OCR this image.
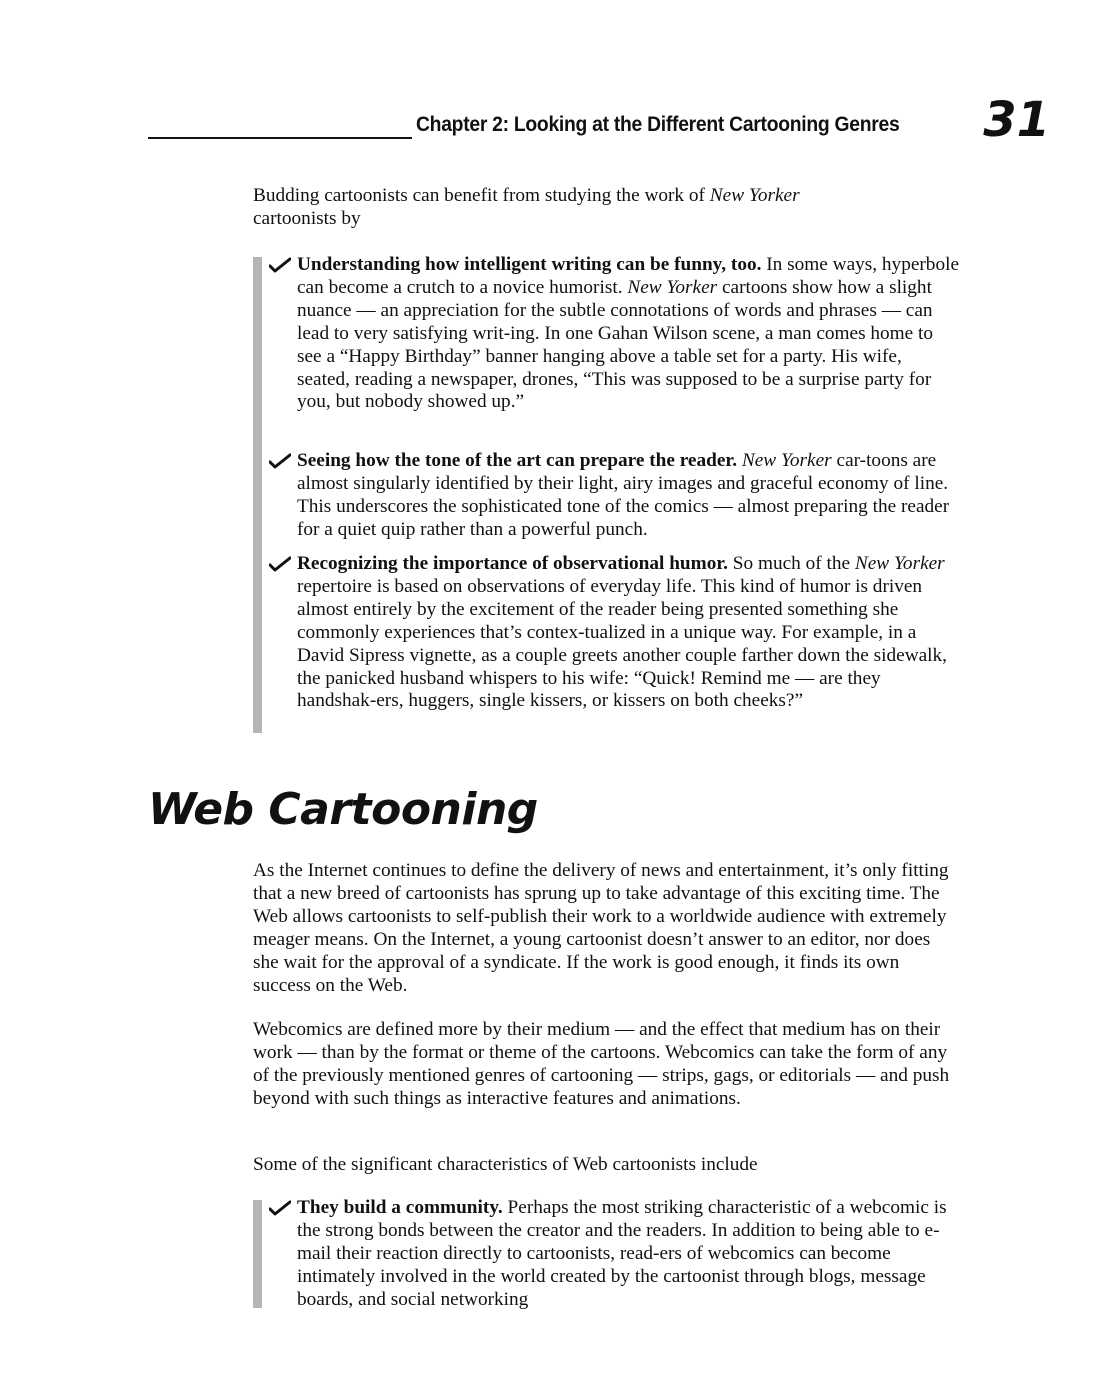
Chapter 2: Looking at the Different Cartooning Genres 31

Budding cartoonists can benefit from studying the work of New Yorker
cartoonists by

Understanding how intelligent writing can be funny, too. In some ways, hyperbole can become a crutch to a novice humorist. New Yorker cartoons show how a slight nuance — an appreciation for the subtle connotations of words and phrases — can lead to very satisfying writ-ing. In one Gahan Wilson scene, a man comes home to see a “Happy Birthday” banner hanging above a table set for a party. His wife, seated, reading a newspaper, drones, “This was supposed to be a surprise party for you, but nobody showed up.”

Seeing how the tone of the art can prepare the reader. New Yorker car-toons are almost singularly identified by their light, airy images and graceful economy of line. This underscores the sophisticated tone of the comics — almost preparing the reader for a quiet quip rather than a powerful punch.

Recognizing the importance of observational humor. So much of the New Yorker repertoire is based on observations of everyday life. This kind of humor is driven almost entirely by the excitement of the reader being presented something she commonly experiences that’s contex-tualized in a unique way. For example, in a David Sipress vignette, as a couple greets another couple farther down the sidewalk, the panicked husband whispers to his wife: “Quick! Remind me — are they handshak-ers, huggers, single kissers, or kissers on both cheeks?”

Web Cartooning

As the Internet continues to define the delivery of news and entertainment, it’s only fitting that a new breed of cartoonists has sprung up to take advantage of this exciting time. The Web allows cartoonists to self-publish their work to a worldwide audience with extremely meager means. On the Internet, a young cartoonist doesn’t answer to an editor, nor does she wait for the approval of a syndicate. If the work is good enough, it finds its own success on the Web.

Webcomics are defined more by their medium — and the effect that medium has on their work — than by the format or theme of the cartoons. Webcomics can take the form of any of the previously mentioned genres of cartooning — strips, gags, or editorials — and push beyond with such things as interactive features and animations.

Some of the significant characteristics of Web cartoonists include

They build a community. Perhaps the most striking characteristic of a webcomic is the strong bonds between the creator and the readers. In addition to being able to e-mail their reaction directly to cartoonists, read-ers of webcomics can become intimately involved in the world created by the cartoonist through blogs, message boards, and social networking
